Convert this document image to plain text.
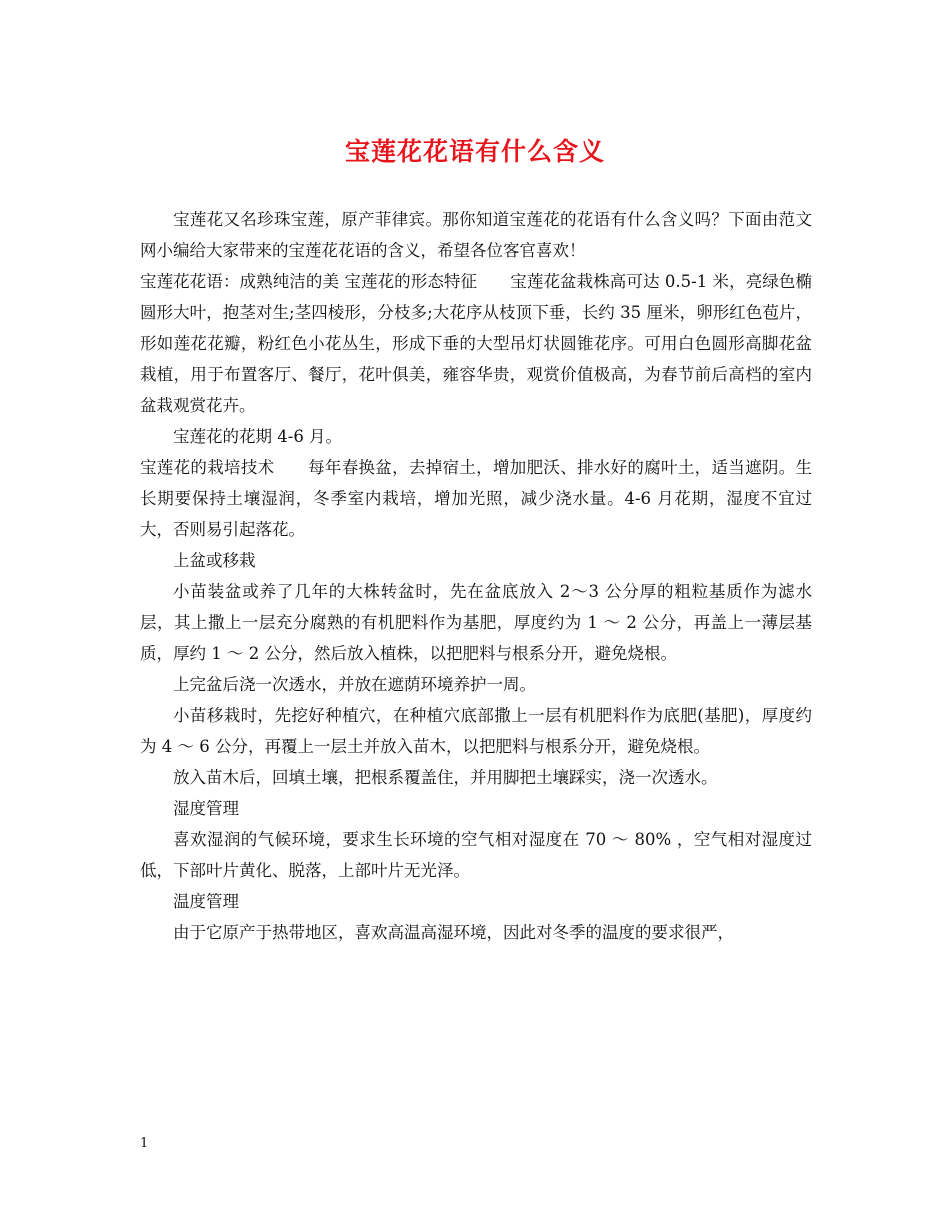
宝莲花花语有什么含义

宝莲花又名珍珠宝莲，原产菲律宾。那你知道宝莲花的花语有什么含义吗？下面由范文网小编给大家带来的宝莲花花语的含义，希望各位客官喜欢！

宝莲花花语：成熟纯洁的美 宝莲花的形态特征　　宝莲花盆栽株高可达 0.5-1 米，亮绿色椭圆形大叶，抱茎对生;茎四棱形，分枝多;大花序从枝顶下垂，长约 35 厘米，卵形红色苞片，形如莲花花瓣，粉红色小花丛生，形成下垂的大型吊灯状圆锥花序。可用白色圆形高脚花盆栽植，用于布置客厅、餐厅，花叶俱美，雍容华贵，观赏价值极高，为春节前后高档的室内盆栽观赏花卉。

宝莲花的花期 4-6 月。

宝莲花的栽培技术　　每年春换盆，去掉宿土，增加肥沃、排水好的腐叶土，适当遮阴。生长期要保持土壤湿润，冬季室内栽培，增加光照，减少浇水量。4-6 月花期，湿度不宜过大，否则易引起落花。

上盆或移栽

小苗装盆或养了几年的大株转盆时，先在盆底放入 2～3 公分厚的粗粒基质作为滤水层，其上撒上一层充分腐熟的有机肥料作为基肥，厚度约为 1 ～ 2 公分，再盖上一薄层基质，厚约 1 ～ 2 公分，然后放入植株，以把肥料与根系分开，避免烧根。

上完盆后浇一次透水，并放在遮荫环境养护一周。

小苗移栽时，先挖好种植穴，在种植穴底部撒上一层有机肥料作为底肥(基肥)，厚度约为 4 ～ 6 公分，再覆上一层土并放入苗木，以把肥料与根系分开，避免烧根。

放入苗木后，回填土壤，把根系覆盖住，并用脚把土壤踩实，浇一次透水。

湿度管理

喜欢湿润的气候环境，要求生长环境的空气相对湿度在 70 ～ 80% ，空气相对湿度过低，下部叶片黄化、脱落，上部叶片无光泽。

温度管理

由于它原产于热带地区，喜欢高温高湿环境，因此对冬季的温度的要求很严，

1
